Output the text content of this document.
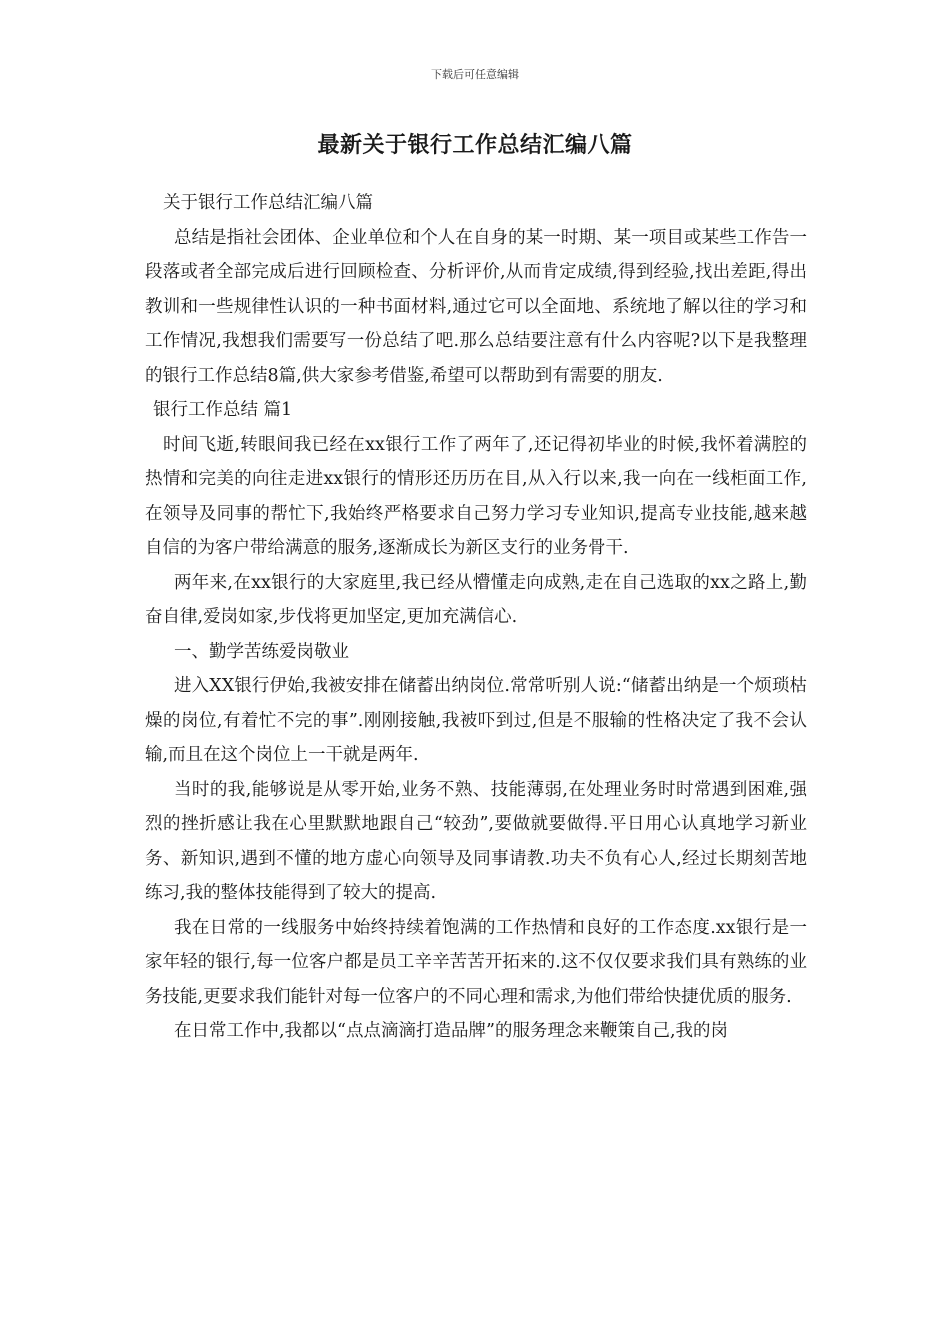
下载后可任意编辑
最新关于银行工作总结汇编八篇

关于银行工作总结汇编八篇

总结是指社会团体、企业单位和个人在自身的某一时期、某一项目或某些工作告一段落或者全部完成后进行回顾检查、分析评价,从而肯定成绩,得到经验,找出差距,得出教训和一些规律性认识的一种书面材料,通过它可以全面地、系统地了解以往的学习和工作情况,我想我们需要写一份总结了吧.那么总结要注意有什么内容呢?以下是我整理的银行工作总结8篇,供大家参考借鉴,希望可以帮助到有需要的朋友.

银行工作总结 篇1

时间飞逝,转眼间我已经在xx银行工作了两年了,还记得初毕业的时候,我怀着满腔的热情和完美的向往走进xx银行的情形还历历在目,从入行以来,我一向在一线柜面工作,在领导及同事的帮忙下,我始终严格要求自己努力学习专业知识,提高专业技能,越来越自信的为客户带给满意的服务,逐渐成长为新区支行的业务骨干.

两年来,在xx银行的大家庭里,我已经从懵懂走向成熟,走在自己选取的xx之路上,勤奋自律,爱岗如家,步伐将更加坚定,更加充满信心.

一、勤学苦练爱岗敬业

进入XX银行伊始,我被安排在储蓄出纳岗位.常常听别人说:“储蓄出纳是一个烦琐枯燥的岗位,有着忙不完的事”.刚刚接触,我被吓到过,但是不服输的性格决定了我不会认输,而且在这个岗位上一干就是两年.

当时的我,能够说是从零开始,业务不熟、技能薄弱,在处理业务时时常遇到困难,强烈的挫折感让我在心里默默地跟自己“较劲”,要做就要做得.平日用心认真地学习新业务、新知识,遇到不懂的地方虚心向领导及同事请教.功夫不负有心人,经过长期刻苦地练习,我的整体技能得到了较大的提高.

我在日常的一线服务中始终持续着饱满的工作热情和良好的工作态度.xx银行是一家年轻的银行,每一位客户都是员工辛辛苦苦开拓来的.这不仅仅要求我们具有熟练的业务技能,更要求我们能针对每一位客户的不同心理和需求,为他们带给快捷优质的服务.

在日常工作中,我都以“点点滴滴打造品牌”的服务理念来鞭策自己,我的岗
